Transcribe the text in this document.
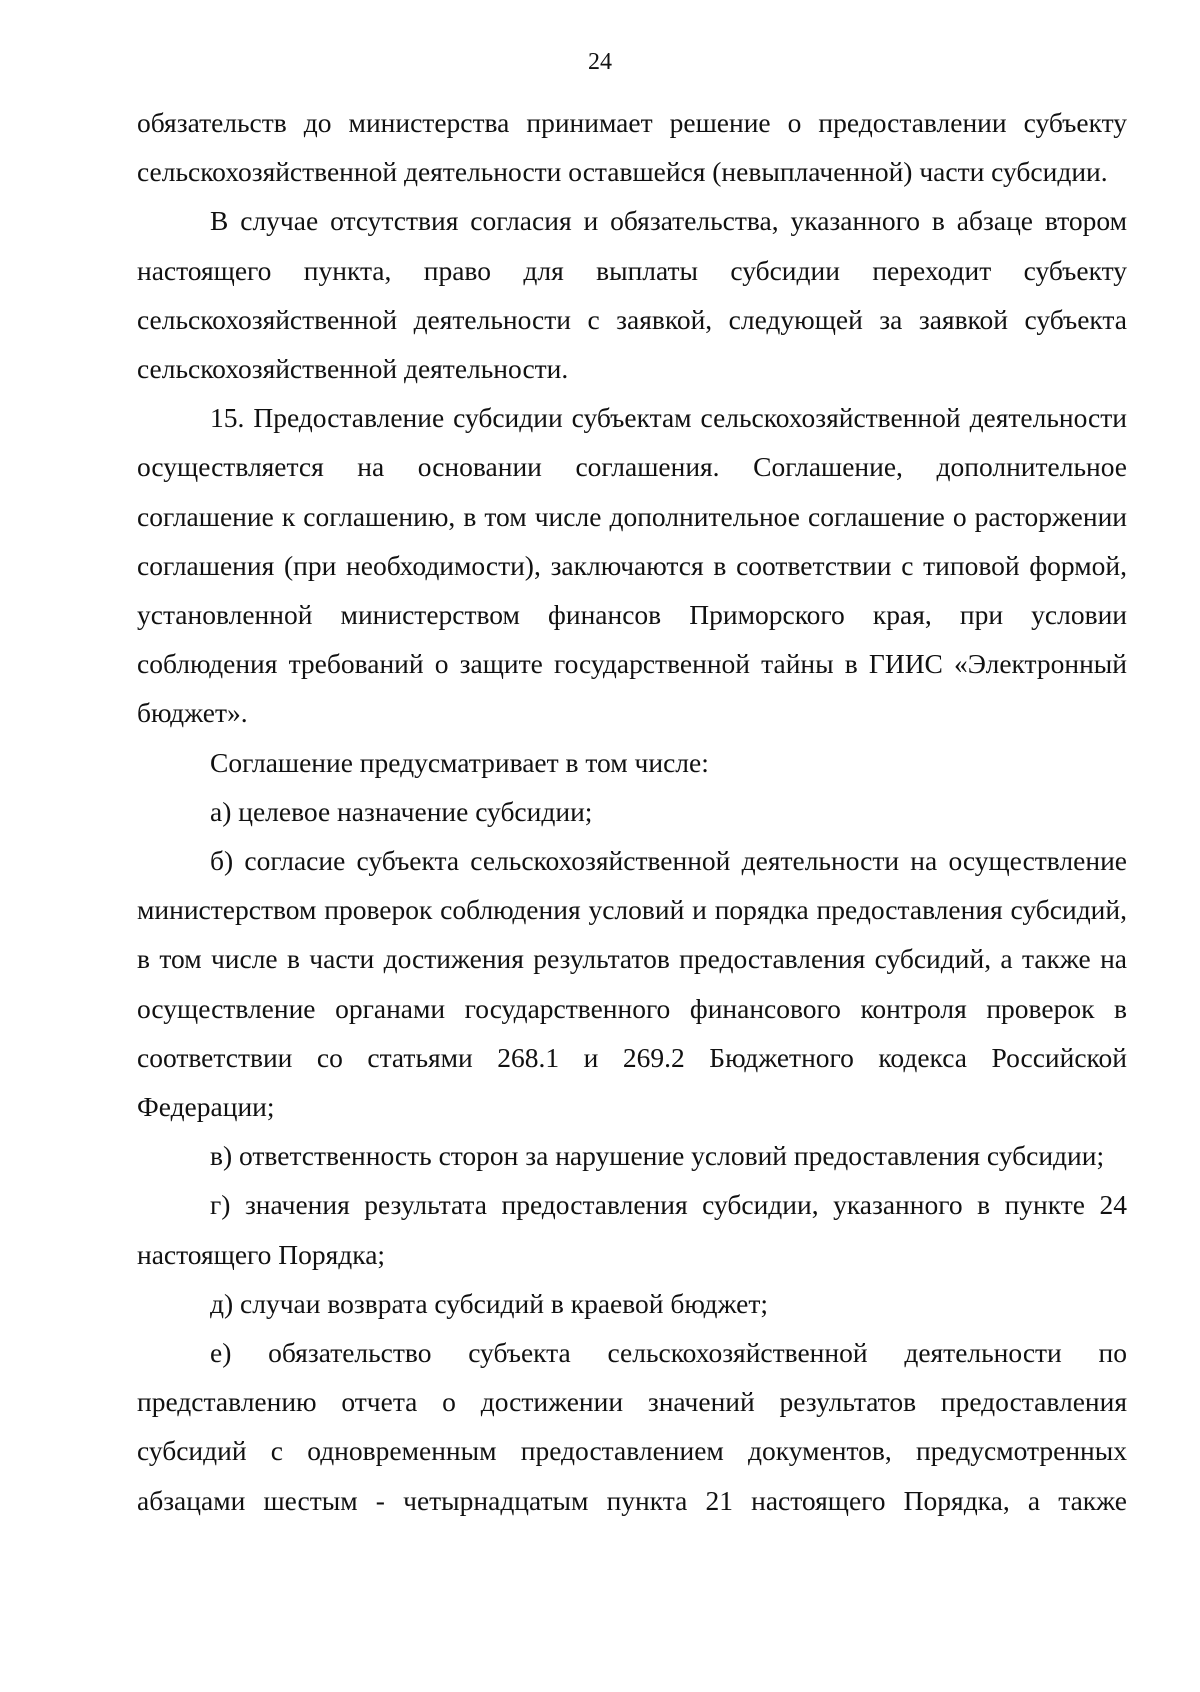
24

обязательств до министерства принимает решение о предоставлении субъекту сельскохозяйственной деятельности оставшейся (невыплаченной) части субсидии.

В случае отсутствия согласия и обязательства, указанного в абзаце втором настоящего пункта, право для выплаты субсидии переходит субъекту сельскохозяйственной деятельности с заявкой, следующей за заявкой субъекта сельскохозяйственной деятельности.

15. Предоставление субсидии субъектам сельскохозяйственной деятельности осуществляется на основании соглашения. Соглашение, дополнительное соглашение к соглашению, в том числе дополнительное соглашение о расторжении соглашения (при необходимости), заключаются в соответствии с типовой формой, установленной министерством финансов Приморского края, при условии соблюдения требований о защите государственной тайны в ГИИС «Электронный бюджет».

Соглашение предусматривает в том числе:

а) целевое назначение субсидии;

б) согласие субъекта сельскохозяйственной деятельности на осуществление министерством проверок соблюдения условий и порядка предоставления субсидий, в том числе в части достижения результатов предоставления субсидий, а также на осуществление органами государственного финансового контроля проверок в соответствии со статьями 268.1 и 269.2 Бюджетного кодекса Российской Федерации;

в) ответственность сторон за нарушение условий предоставления субсидии;

г) значения результата предоставления субсидии, указанного в пункте 24 настоящего Порядка;

д) случаи возврата субсидий в краевой бюджет;

е) обязательство субъекта сельскохозяйственной деятельности по представлению отчета о достижении значений результатов предоставления субсидий с одновременным предоставлением документов, предусмотренных абзацами шестым - четырнадцатым пункта 21 настоящего Порядка, а также
